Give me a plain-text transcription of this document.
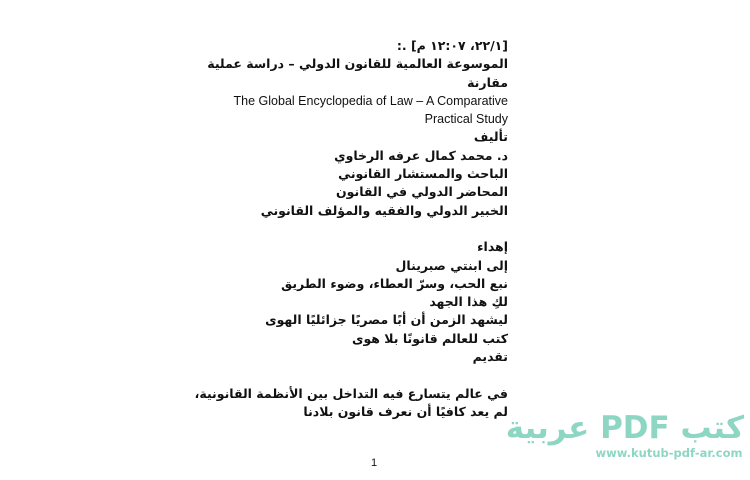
[٢٢/١، ١٢:٠٧ م] .:
الموسوعة العالمية للقانون الدولي – دراسة عملية
مقارنة
The Global Encyclopedia of Law – A Comparative
Practical Study
تأليف
د. محمد كمال عرفه الرخاوي
الباحث والمستشار القانوني
المحاضر الدولي في القانون
الخبير الدولي والفقيه والمؤلف القانوني
إهداء
إلى ابنتي صبرينال
نبع الحب، وسرّ العطاء، وضوء الطريق
لكِ هذا الجهد
ليشهد الزمن أن أبًا مصريًا جزائليًا الهوى
كتب للعالم قانونًا بلا هوى
تقديم
في عالم يتسارع فيه التداخل بين الأنظمة القانونية،
لم يعد كافيًا أن نعرف قانون بلادنا
1
كتب PDF عربية
www.kutub-pdf-ar.com
